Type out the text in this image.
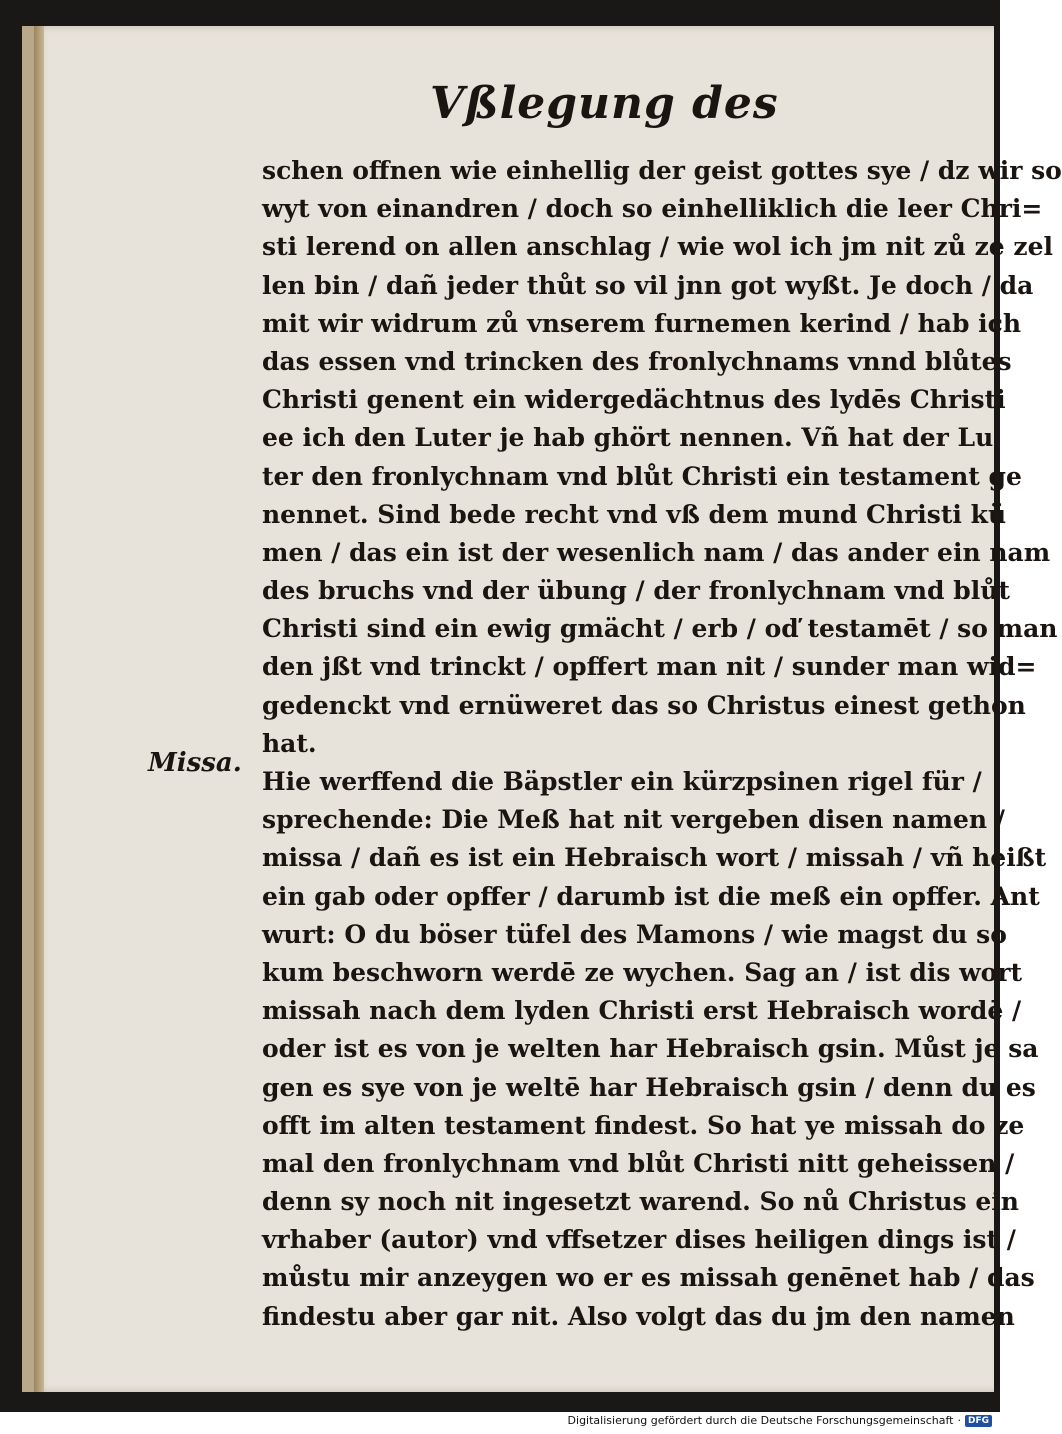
Vßlegung des
Missa.
schen offnen wie einhellig der geist gottes sye / dz wir so
wyt von einandren / doch so einhelliklich die leer Chri=
sti lerend on allen anschlag / wie wol ich jm nit zů ze zel
len bin / dañ jeder thůt so vil jnn got wyßt. Je doch / da
mit wir widrum zů vnserem furnemen kerind / hab ich
das essen vnd trincken des fronlychnams vnnd blůtes
Christi genent ein widergedächtnus des lydēs Christi
ee ich den Luter je hab ghört nennen. Vñ hat der Lu
ter den fronlychnam vnd blůt Christi ein testament ge
nennet. Sind bede recht vnd vß dem mund Christi kü
men / das ein ist der wesenlich nam / das ander ein nam
des bruchs vnd der übung / der fronlychnam vnd blůt
Christi sind ein ewig gmächt / erb / oď testamēt / so man
den jßt vnd trinckt / opffert man nit / sunder man wid=
gedenckt vnd ernüweret das so Christus einest gethon
hat.
Hie werffend die Bäpstler ein kürzpsinen rigel für /
sprechende: Die Meß hat nit vergeben disen namen /
missa / dañ es ist ein Hebraisch wort / missah / vñ heißt
ein gab oder opffer / darumb ist die meß ein opffer. Ant
wurt: O du böser tüfel des Mamons / wie magst du so
kum beschworn werdē ze wychen. Sag an / ist dis wort
missah nach dem lyden Christi erst Hebraisch wordē /
oder ist es von je welten har Hebraisch gsin. Můst je sa
gen es sye von je weltē har Hebraisch gsin / denn du es
offt im alten testament findest. So hat ye missah do ze
mal den fronlychnam vnd blůt Christi nitt geheissen /
denn sy noch nit ingesetzt warend. So nů Christus ein
vrhaber (autor) vnd vffsetzer dises heiligen dings ist /
můstu mir anzeygen wo er es missah genēnet hab / das
findestu aber gar nit. Also volgt das du jm den namen
Digitalisierung gefördert durch die Deutsche Forschungsgemeinschaft · DFG
